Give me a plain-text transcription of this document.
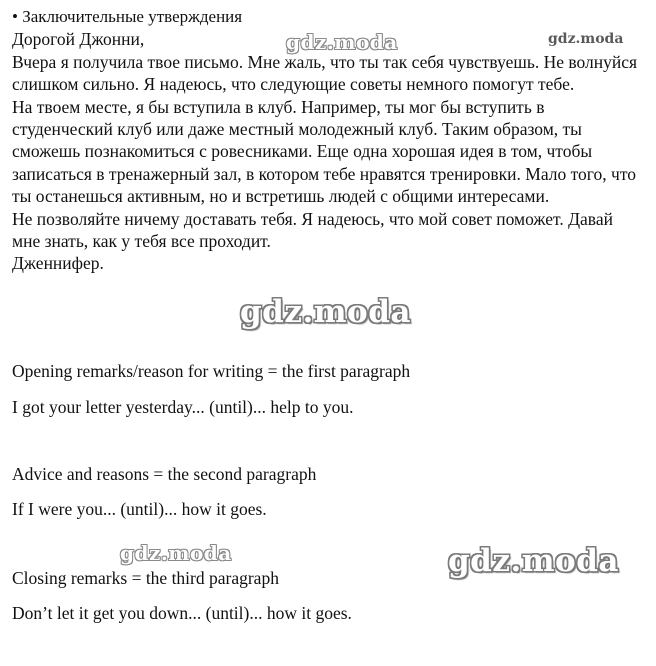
• Заключительные утверждения

Дорогой Джонни,

Вчера я получила твое письмо. Мне жаль, что ты так себя чувствуешь. Не волнуйся слишком сильно. Я надеюсь, что следующие советы немного помогут тебе.

На твоем месте, я бы вступила в клуб. Например, ты мог бы вступить в студенческий клуб или даже местный молодежный клуб. Таким образом, ты сможешь познакомиться с ровесниками. Еще одна хорошая идея в том, чтобы записаться в тренажерный зал, в котором тебе нравятся тренировки. Мало того, что ты останешься активным, но и встретишь людей с общими интересами.

Не позволяйте ничему доставать тебя. Я надеюсь, что мой совет поможет. Давай мне знать, как у тебя все проходит.

Дженнифер.

Opening remarks/reason for writing = the first paragraph
I got your letter yesterday... (until)... help to you.
Advice and reasons = the second paragraph
If I were you... (until)... how it goes.
Closing remarks = the third paragraph
Don’t let it get you down... (until)... how it goes.
gdz.moda	gdz.moda
gdz.moda
gdz.moda	gdz.moda
